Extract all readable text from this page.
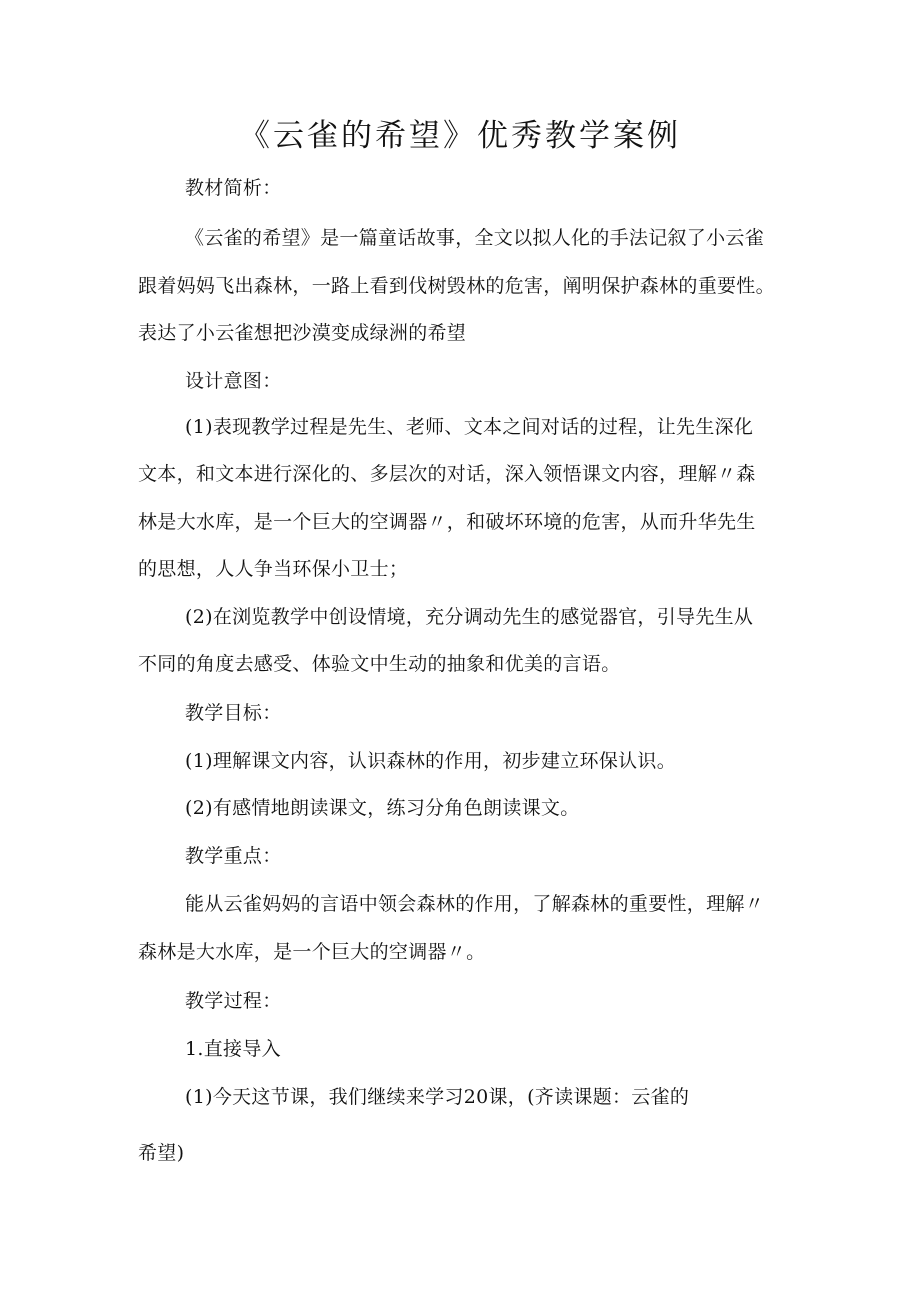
《云雀的希望》优秀教学案例
教材简析：
《云雀的希望》是一篇童话故事，全文以拟人化的手法记叙了小云雀
跟着妈妈飞出森林，一路上看到伐树毁林的危害，阐明保护森林的重要性。
表达了小云雀想把沙漠变成绿洲的希望
设计意图：
(1)表现教学过程是先生、老师、文本之间对话的过程，让先生深化
文本，和文本进行深化的、多层次的对话，深入领悟课文内容，理解〃森
林是大水库，是一个巨大的空调器〃，和破坏环境的危害，从而升华先生
的思想，人人争当环保小卫士；
(2)在浏览教学中创设情境，充分调动先生的感觉器官，引导先生从
不同的角度去感受、体验文中生动的抽象和优美的言语。
教学目标：
(1)理解课文内容，认识森林的作用，初步建立环保认识。
(2)有感情地朗读课文，练习分角色朗读课文。
教学重点：
能从云雀妈妈的言语中领会森林的作用，了解森林的重要性，理解〃
森林是大水库，是一个巨大的空调器〃。
教学过程：
1.直接导入
(1)今天这节课，我们继续来学习20课，(齐读课题：云雀的
希望)
